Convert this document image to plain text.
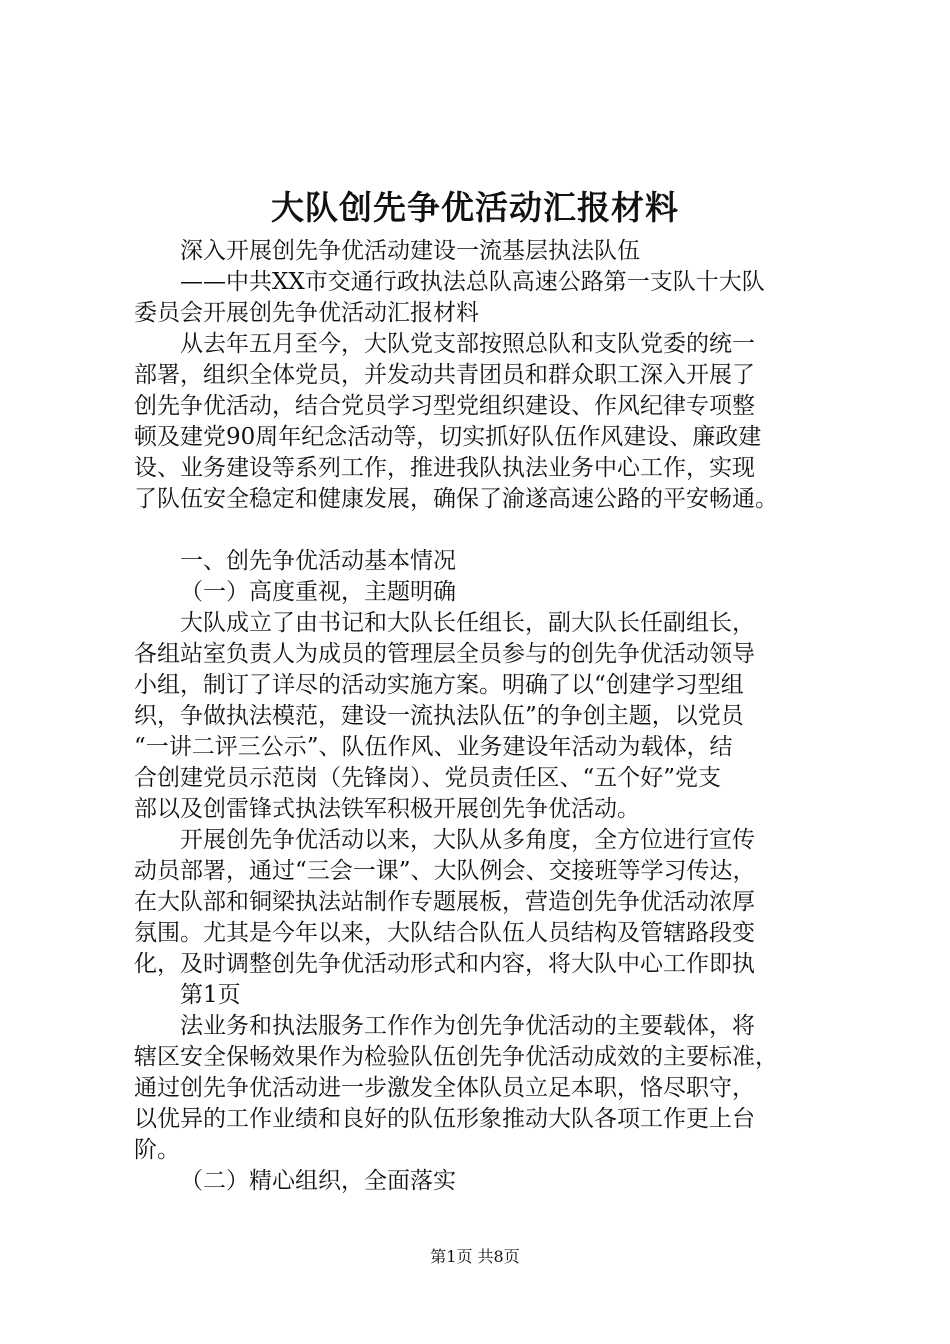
大队创先争优活动汇报材料

深入开展创先争优活动建设一流基层执法队伍

——中共XX市交通行政执法总队高速公路第一支队十大队

委员会开展创先争优活动汇报材料

从去年五月至今，大队党支部按照总队和支队党委的统一

部署，组织全体党员，并发动共青团员和群众职工深入开展了

创先争优活动，结合党员学习型党组织建设、作风纪律专项整

顿及建党90周年纪念活动等，切实抓好队伍作风建设、廉政建

设、业务建设等系列工作，推进我队执法业务中心工作，实现

了队伍安全稳定和健康发展，确保了渝遂高速公路的平安畅通。

一、创先争优活动基本情况

（一）高度重视，主题明确

大队成立了由书记和大队长任组长，副大队长任副组长，

各组站室负责人为成员的管理层全员参与的创先争优活动领导

小组，制订了详尽的活动实施方案。明确了以“创建学习型组

织，争做执法模范，建设一流执法队伍”的争创主题，以党员

“一讲二评三公示”、队伍作风、业务建设年活动为载体，结

合创建党员示范岗（先锋岗）、党员责任区、“五个好”党支

部以及创雷锋式执法铁军积极开展创先争优活动。

开展创先争优活动以来，大队从多角度，全方位进行宣传

动员部署，通过“三会一课”、大队例会、交接班等学习传达，

在大队部和铜梁执法站制作专题展板，营造创先争优活动浓厚

氛围。尤其是今年以来，大队结合队伍人员结构及管辖路段变

化，及时调整创先争优活动形式和内容，将大队中心工作即执

第1页

法业务和执法服务工作作为创先争优活动的主要载体，将

辖区安全保畅效果作为检验队伍创先争优活动成效的主要标准，

通过创先争优活动进一步激发全体队员立足本职，恪尽职守，

以优异的工作业绩和良好的队伍形象推动大队各项工作更上台

阶。

（二）精心组织，全面落实

第1页 共8页
